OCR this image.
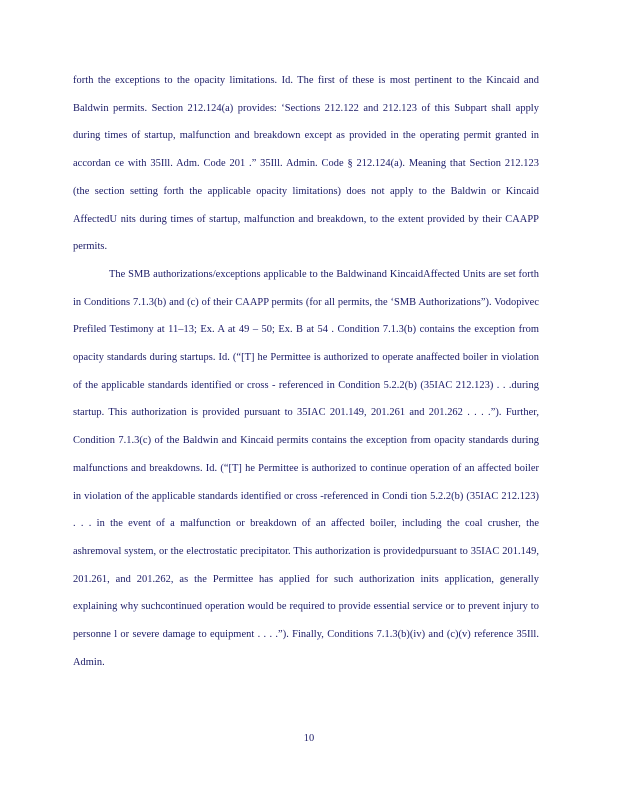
forth the exceptions to the opacity limitations. Id. The first of these is most pertinent to the Kincaid and Baldwin permits. Section 212.124(a) provides: ‘Sections 212.122 and 212.123 of this Subpart shall apply during times of startup, malfunction and breakdown except as provided in the operating permit granted in accordan ce with 35Ill. Adm. Code 201 .” 35Ill. Admin. Code § 212.124(a). Meaning that Section 212.123 (the section setting forth the applicable opacity limitations) does not apply to the Baldwin or Kincaid AffectedU nits during times of startup, malfunction and breakdown, to the extent provided by their CAAPP permits.

The SMB authorizations/exceptions applicable to the Baldwinand KincaidAffected Units are set forth in Conditions 7.1.3(b) and (c) of their CAAPP permits (for all permits, the ‘SMB Authorizations”). Vodopivec Prefiled Testimony at 11–13; Ex. A at 49 – 50; Ex. B at 54 . Condition 7.1.3(b) contains the exception from opacity standards during startups. Id. (“[T] he Permittee is authorized to operate anaffected boiler in violation of the applicable standards identified or cross - referenced in Condition 5.2.2(b) (35IAC 212.123) . . .during startup. This authorization is provided pursuant to 35IAC 201.149, 201.261 and 201.262 . . . .”). Further, Condition 7.1.3(c) of the Baldwin and Kincaid permits contains the exception from opacity standards during malfunctions and breakdowns. Id. (“[T] he Permittee is authorized to continue operation of an affected boiler in violation of the applicable standards identified or cross -referenced in Condi tion 5.2.2(b) (35IAC 212.123) . . . in the event of a malfunction or breakdown of an affected boiler, including the coal crusher, the ashremoval system, or the electrostatic precipitator. This authorization is providedpursuant to 35IAC 201.149, 201.261, and 201.262, as the Permittee has applied for such authorization inits application, generally explaining why suchcontinued operation would be required to provide essential service or to prevent injury to personne l or severe damage to equipment . . . .”). Finally, Conditions 7.1.3(b)(iv) and (c)(v) reference 35Ill. Admin.

10
